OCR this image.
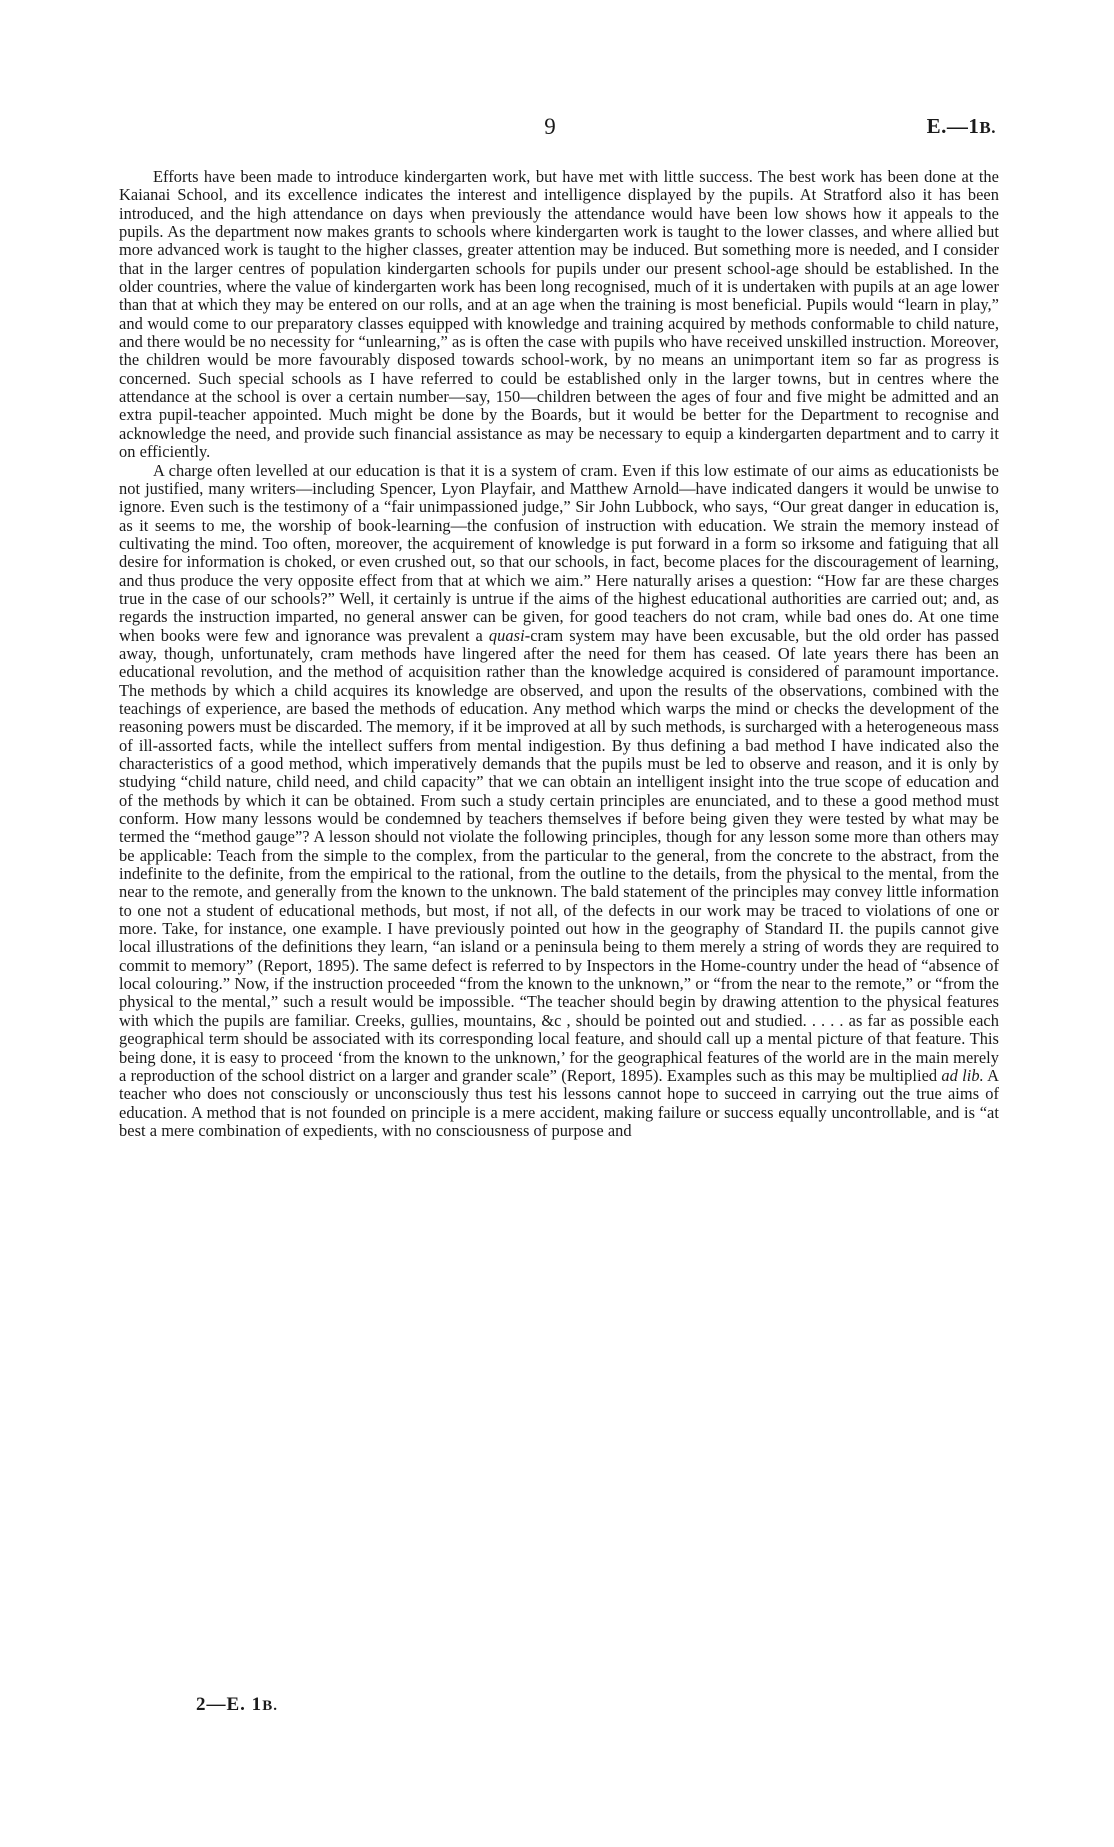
9	E.—1B.

Efforts have been made to introduce kindergarten work, but have met with little success. The best work has been done at the Kaianai School, and its excellence indicates the interest and intelligence displayed by the pupils. At Stratford also it has been introduced, and the high attendance on days when previously the attendance would have been low shows how it appeals to the pupils. As the department now makes grants to schools where kindergarten work is taught to the lower classes, and where allied but more advanced work is taught to the higher classes, greater attention may be induced. But something more is needed, and I consider that in the larger centres of population kindergarten schools for pupils under our present school-age should be established. In the older countries, where the value of kindergarten work has been long recognised, much of it is undertaken with pupils at an age lower than that at which they may be entered on our rolls, and at an age when the training is most beneficial. Pupils would “learn in play,” and would come to our preparatory classes equipped with knowledge and training acquired by methods conformable to child nature, and there would be no necessity for “unlearning,” as is often the case with pupils who have received unskilled instruction. Moreover, the children would be more favourably disposed towards school-work, by no means an unimportant item so far as progress is concerned. Such special schools as I have referred to could be established only in the larger towns, but in centres where the attendance at the school is over a certain number—say, 150—children between the ages of four and five might be admitted and an extra pupil-teacher appointed. Much might be done by the Boards, but it would be better for the Department to recognise and acknowledge the need, and provide such financial assistance as may be necessary to equip a kindergarten department and to carry it on efficiently.

A charge often levelled at our education is that it is a system of cram. Even if this low estimate of our aims as educationists be not justified, many writers—including Spencer, Lyon Playfair, and Matthew Arnold—have indicated dangers it would be unwise to ignore. Even such is the testimony of a “fair unimpassioned judge,” Sir John Lubbock, who says, “Our great danger in education is, as it seems to me, the worship of book-learning—the confusion of instruction with education. We strain the memory instead of cultivating the mind. Too often, moreover, the acquirement of knowledge is put forward in a form so irksome and fatiguing that all desire for information is choked, or even crushed out, so that our schools, in fact, become places for the discouragement of learning, and thus produce the very opposite effect from that at which we aim.” Here naturally arises a question: “How far are these charges true in the case of our schools?” Well, it certainly is untrue if the aims of the highest educational authorities are carried out; and, as regards the instruction imparted, no general answer can be given, for good teachers do not cram, while bad ones do. At one time when books were few and ignorance was prevalent a quasi-cram system may have been excusable, but the old order has passed away, though, unfortunately, cram methods have lingered after the need for them has ceased. Of late years there has been an educational revolution, and the method of acquisition rather than the knowledge acquired is considered of paramount importance. The methods by which a child acquires its knowledge are observed, and upon the results of the observations, combined with the teachings of experience, are based the methods of education. Any method which warps the mind or checks the development of the reasoning powers must be discarded. The memory, if it be improved at all by such methods, is surcharged with a heterogeneous mass of ill-assorted facts, while the intellect suffers from mental indigestion. By thus defining a bad method I have indicated also the characteristics of a good method, which imperatively demands that the pupils must be led to observe and reason, and it is only by studying “child nature, child need, and child capacity” that we can obtain an intelligent insight into the true scope of education and of the methods by which it can be obtained. From such a study certain principles are enunciated, and to these a good method must conform. How many lessons would be condemned by teachers themselves if before being given they were tested by what may be termed the “method gauge”? A lesson should not violate the following principles, though for any lesson some more than others may be applicable: Teach from the simple to the complex, from the particular to the general, from the concrete to the abstract, from the indefinite to the definite, from the empirical to the rational, from the outline to the details, from the physical to the mental, from the near to the remote, and generally from the known to the unknown. The bald statement of the principles may convey little information to one not a student of educational methods, but most, if not all, of the defects in our work may be traced to violations of one or more. Take, for instance, one example. I have previously pointed out how in the geography of Standard II. the pupils cannot give local illustrations of the definitions they learn, “an island or a peninsula being to them merely a string of words they are required to commit to memory” (Report, 1895). The same defect is referred to by Inspectors in the Home-country under the head of “absence of local colouring.” Now, if the instruction proceeded “from the known to the unknown,” or “from the near to the remote,” or “from the physical to the mental,” such a result would be impossible. “The teacher should begin by drawing attention to the physical features with which the pupils are familiar. Creeks, gullies, mountains, &c , should be pointed out and studied. . . . . as far as possible each geographical term should be associated with its corresponding local feature, and should call up a mental picture of that feature. This being done, it is easy to proceed ‘from the known to the unknown,’ for the geographical features of the world are in the main merely a reproduction of the school district on a larger and grander scale” (Report, 1895). Examples such as this may be multiplied ad lib. A teacher who does not consciously or unconsciously thus test his lessons cannot hope to succeed in carrying out the true aims of education. A method that is not founded on principle is a mere accident, making failure or success equally uncontrollable, and is “at best a mere combination of expedients, with no consciousness of purpose and

2—E. 1B.
